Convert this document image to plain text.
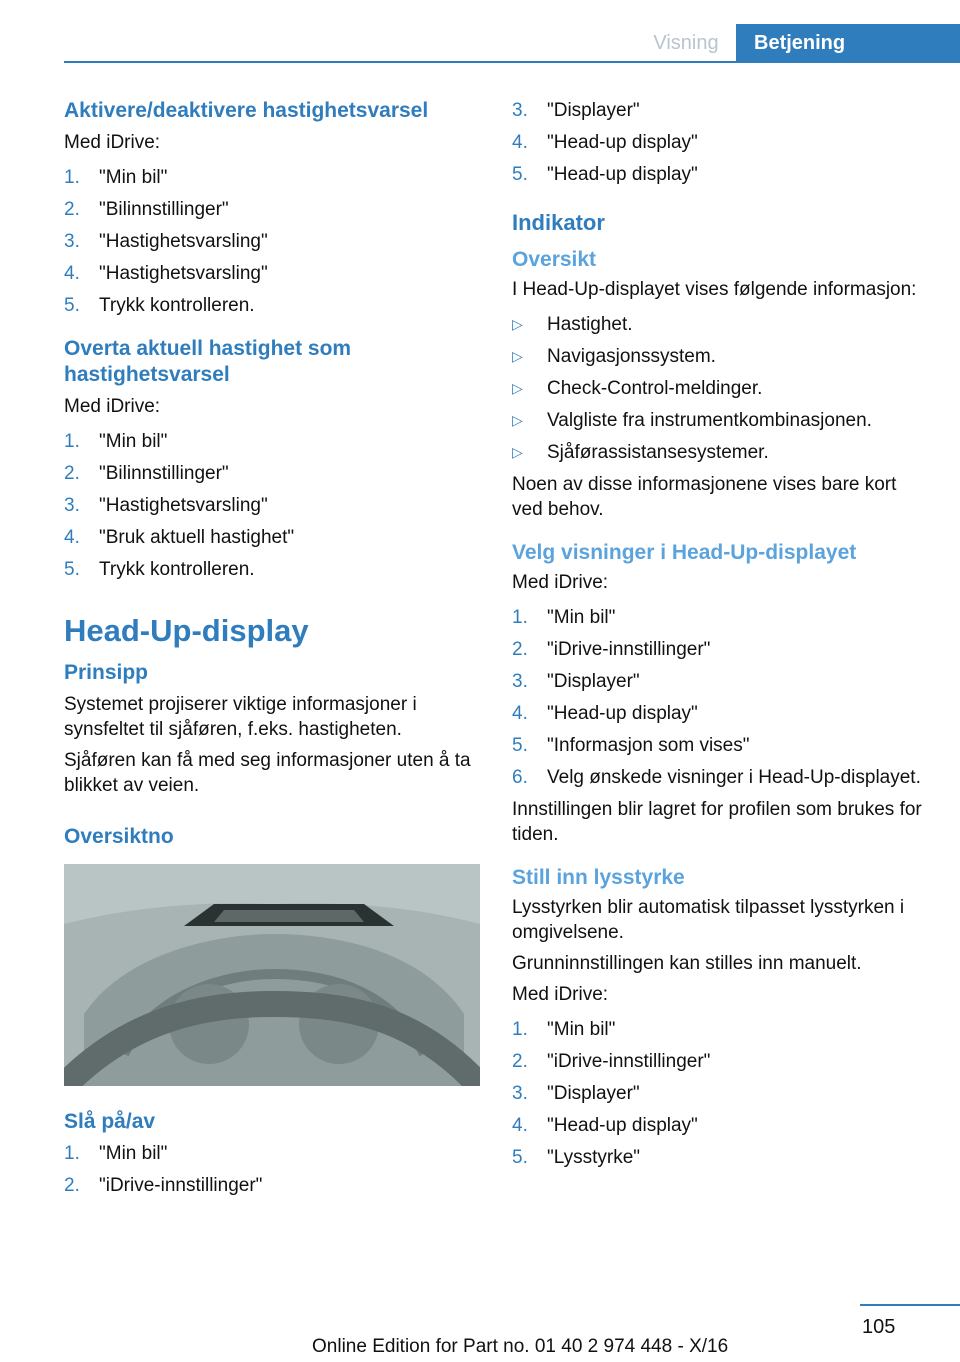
Visning	Betjening
Aktivere/deaktivere hastighetsvarsel

Med iDrive:

1. "Min bil"
2. "Bilinnstillinger"
3. "Hastighetsvarsling"
4. "Hastighetsvarsling"
5. Trykk kontrolleren.
Overta aktuell hastighet som hastighetsvarsel

Med iDrive:

1. "Min bil"
2. "Bilinnstillinger"
3. "Hastighetsvarsling"
4. "Bruk aktuell hastighet"
5. Trykk kontrolleren.
Head-Up-display
Prinsipp

Systemet projiserer viktige informasjoner i synsfeltet til sjåføren, f.eks. hastigheten.

Sjåføren kan få med seg informasjoner uten å ta blikket av veien.

Oversiktno
Slå på/av
1. "Min bil"
2. "iDrive-innstillinger"
3. "Displayer"
4. "Head-up display"
5. "Head-up display"
Indikator
Oversikt

I Head-Up-displayet vises følgende informasjon:

▷ Hastighet.
▷ Navigasjonssystem.
▷ Check-Control-meldinger.
▷ Valgliste fra instrumentkombinasjonen.
▷ Sjåførassistansesystemer.

Noen av disse informasjonene vises bare kort ved behov.

Velg visninger i Head-Up-displayet

Med iDrive:

1. "Min bil"
2. "iDrive-innstillinger"
3. "Displayer"
4. "Head-up display"
5. "Informasjon som vises"
6. Velg ønskede visninger i Head-Up-displayet.

Innstillingen blir lagret for profilen som brukes for tiden.

Still inn lysstyrke

Lysstyrken blir automatisk tilpasset lysstyrken i omgivelsene.

Grunninnstillingen kan stilles inn manuelt.

Med iDrive:

1. "Min bil"
2. "iDrive-innstillinger"
3. "Displayer"
4. "Head-up display"
5. "Lysstyrke"
105
Online Edition for Part no. 01 40 2 974 448 - X/16
